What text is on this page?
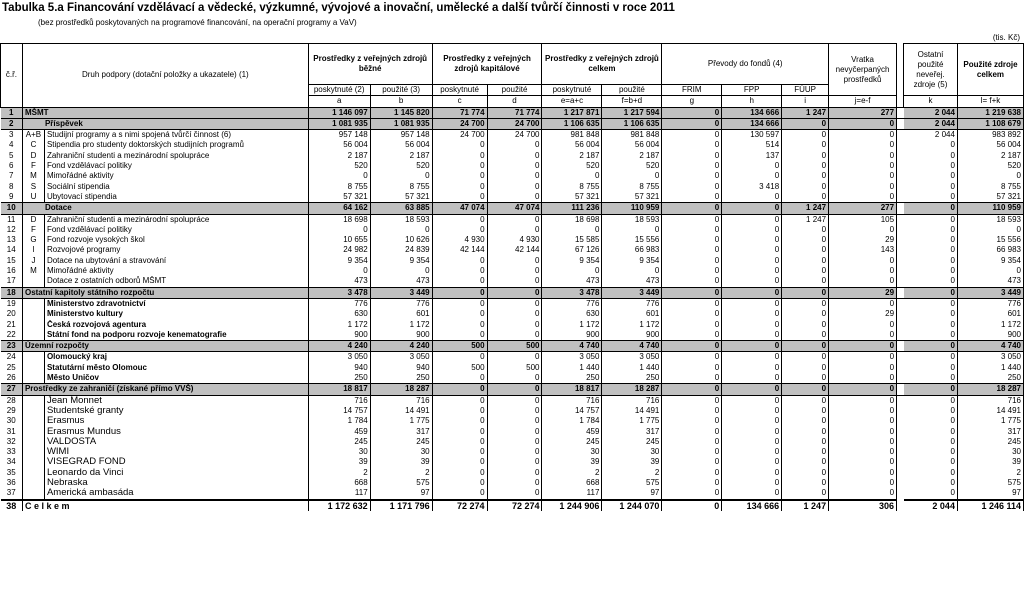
Tabulka 5.a Financování vzdělávací a vědecké, výzkumné, vývojové a inovační, umělecké a další tvůrčí činnosti v roce 2011
(bez prostředků poskytovaných na programové financování, na operační programy a VaV)
(tis. Kč)
č.ř.	Druh podpory (dotační položky a ukazatele) (1)		Prostředky z veřejných zdrojů běžné		Prostředky z veřejných zdrojů kapitálové		Prostředky z veřejných zdrojů celkem		Převody do fondů (4)			Vratka nevyčerpaných prostředků		Ostatní použité neveřej. zdroje (5)	Použité zdroje celkem
			poskytnuté (2)	použité (3)	poskytnuté	použité	poskytnuté	použité	FRIM	FPP	FÚUP				
			a	b	c	d	e=a+c	f=b+d	g	h	i	j=e-f		k	l= f+k
1	MŠMT		1 146 097	1 145 820	71 774	71 774	1 217 871	1 217 594	0	134 666	1 247	277		2 044	1 219 638
2	Příspěvek		1 081 935	1 081 935	24 700	24 700	1 106 635	1 106 635	0	134 666	0	0		2 044	1 108 679
3	A+B	Studijní programy a s nimi spojená tvůrčí činnost (6)	957 148	957 148	24 700	24 700	981 848	981 848	0	130 597	0	0		2 044	983 892
4	C	Stipendia pro studenty doktorských studijních programů	56 004	56 004	0	0	56 004	56 004	0	514	0	0		0	56 004
5	D	Zahraniční studenti a mezinárodní spolupráce	2 187	2 187	0	0	2 187	2 187	0	137	0	0		0	2 187
6	F	Fond vzdělávací politiky	520	520	0	0	520	520	0	0	0	0		0	520
7	M	Mimořádné aktivity	0	0	0	0	0	0	0	0	0	0		0	0
8	S	Sociální stipendia	8 755	8 755	0	0	8 755	8 755	0	3 418	0	0		0	8 755
9	U	Ubytovací stipendia	57 321	57 321	0	0	57 321	57 321	0	0	0	0		0	57 321
10	Dotace		64 162	63 885	47 074	47 074	111 236	110 959	0	0	1 247	277		0	110 959
11	D	Zahraniční studenti a mezinárodní spolupráce	18 698	18 593	0	0	18 698	18 593	0	0	1 247	105		0	18 593
12	F	Fond vzdělávací politiky	0	0	0	0	0	0	0	0	0	0		0	0
13	G	Fond rozvoje vysokých škol	10 655	10 626	4 930	4 930	15 585	15 556	0	0	0	29		0	15 556
14	I	Rozvojové programy	24 982	24 839	42 144	42 144	67 126	66 983	0	0	0	143		0	66 983
15	J	Dotace na ubytování a stravování	9 354	9 354	0	0	9 354	9 354	0	0	0	0		0	9 354
16	M	Mimořádné aktivity	0	0	0	0	0	0	0	0	0	0		0	0
17		Dotace z ostatních odborů MŠMT	473	473	0	0	473	473	0	0	0	0		0	473
18	Ostatní kapitoly státního rozpočtu		3 478	3 449	0	0	3 478	3 449	0	0	0	29		0	3 449
19		Ministerstvo zdravotnictví	776	776	0	0	776	776	0	0	0	0		0	776
20		Ministerstvo kultury	630	601	0	0	630	601	0	0	0	29		0	601
21		Česká rozvojová agentura	1 172	1 172	0	0	1 172	1 172	0	0	0	0		0	1 172
22		Státní fond na podporu rozvoje kenematografie	900	900	0	0	900	900	0	0	0	0		0	900
23	Územní rozpočty		4 240	4 240	500	500	4 740	4 740	0	0	0	0		0	4 740
24		Olomoucký kraj	3 050	3 050	0	0	3 050	3 050	0	0	0	0		0	3 050
25		Statutární město Olomouc	940	940	500	500	1 440	1 440	0	0	0	0		0	1 440
26		Město Uničov	250	250	0	0	250	250	0	0	0	0		0	250
27	Prostředky ze zahraničí (získané přímo VVŠ)		18 817	18 287	0	0	18 817	18 287	0	0	0	0		0	18 287
28		Jean Monnet	716	716	0	0	716	716	0	0	0	0		0	716
29		Studentské granty	14 757	14 491	0	0	14 757	14 491	0	0	0	0		0	14 491
30		Erasmus	1 784	1 775	0	0	1 784	1 775	0	0	0	0		0	1 775
31		Erasmus Mundus	459	317	0	0	459	317	0	0	0	0		0	317
32		VALDOSTA	245	245	0	0	245	245	0	0	0	0		0	245
33		WIMI	30	30	0	0	30	30	0	0	0	0		0	30
34		VISEGRAD FOND	39	39	0	0	39	39	0	0	0	0		0	39
35		Leonardo da Vinci	2	2	0	0	2	2	0	0	0	0		0	2
36		Nebraska	668	575	0	0	668	575	0	0	0	0		0	575
37		Americká ambasáda	117	97	0	0	117	97	0	0	0	0		0	97
38	C e l k e m		1 172 632	1 171 796	72 274	72 274	1 244 906	1 244 070	0	134 666	1 247	306		2 044	1 246 114
